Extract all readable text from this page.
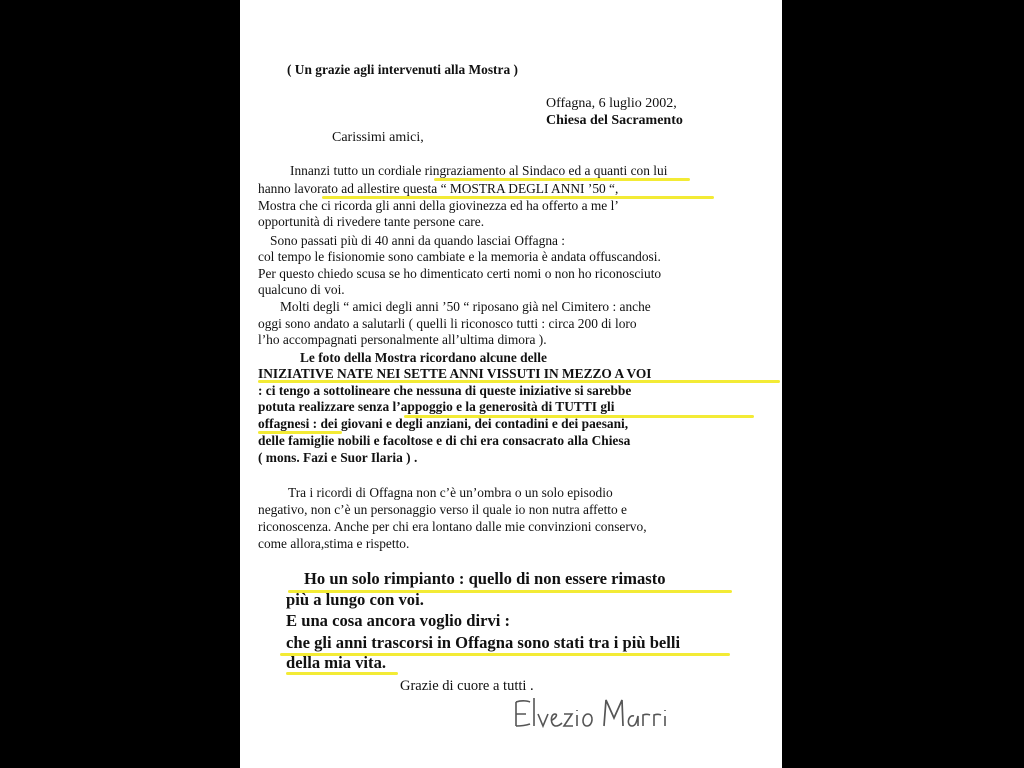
( Un grazie agli intervenuti alla Mostra )
Offagna, 6 luglio 2002,
Chiesa del Sacramento
Carissimi amici,
Innanzi tutto un cordiale ringraziamento al Sindaco ed a quanti con lui
hanno lavorato ad allestire questa “ MOSTRA DEGLI ANNI ’50 “,
Mostra che ci ricorda gli anni della giovinezza ed ha offerto a me l’
opportunità di rivedere tante persone care.
Sono passati più di 40 anni da quando lasciai Offagna :
col tempo le fisionomie sono cambiate e la memoria è andata offuscandosi.
Per questo chiedo scusa se ho dimenticato certi nomi o non ho riconosciuto
qualcuno di voi.
Molti degli “ amici degli anni ’50 “ riposano già nel Cimitero : anche
oggi sono andato a salutarli ( quelli li riconosco tutti : circa 200 di loro
l’ho accompagnati personalmente all’ultima dimora ).
Le foto della Mostra ricordano alcune delle
INIZIATIVE NATE NEI SETTE ANNI VISSUTI IN MEZZO A VOI
: ci tengo a sottolineare che nessuna di queste iniziative si sarebbe
potuta realizzare senza l’appoggio e la generosità di TUTTI gli
offagnesi : dei giovani e degli anziani, dei contadini e dei paesani,
delle famiglie nobili e facoltose e di chi era consacrato alla Chiesa
( mons. Fazi e Suor Ilaria ) .
Tra i ricordi di Offagna non c’è un’ombra o un solo episodio
negativo, non c’è un personaggio verso il quale io non nutra affetto e
riconoscenza. Anche per chi era lontano dalle mie convinzioni conservo,
come allora,stima e rispetto.
Ho un solo rimpianto : quello di non essere rimasto
più a lungo con voi.
E una cosa ancora voglio dirvi :
che gli anni trascorsi in Offagna sono stati tra i più belli
della mia vita.
Grazie di cuore a tutti .
